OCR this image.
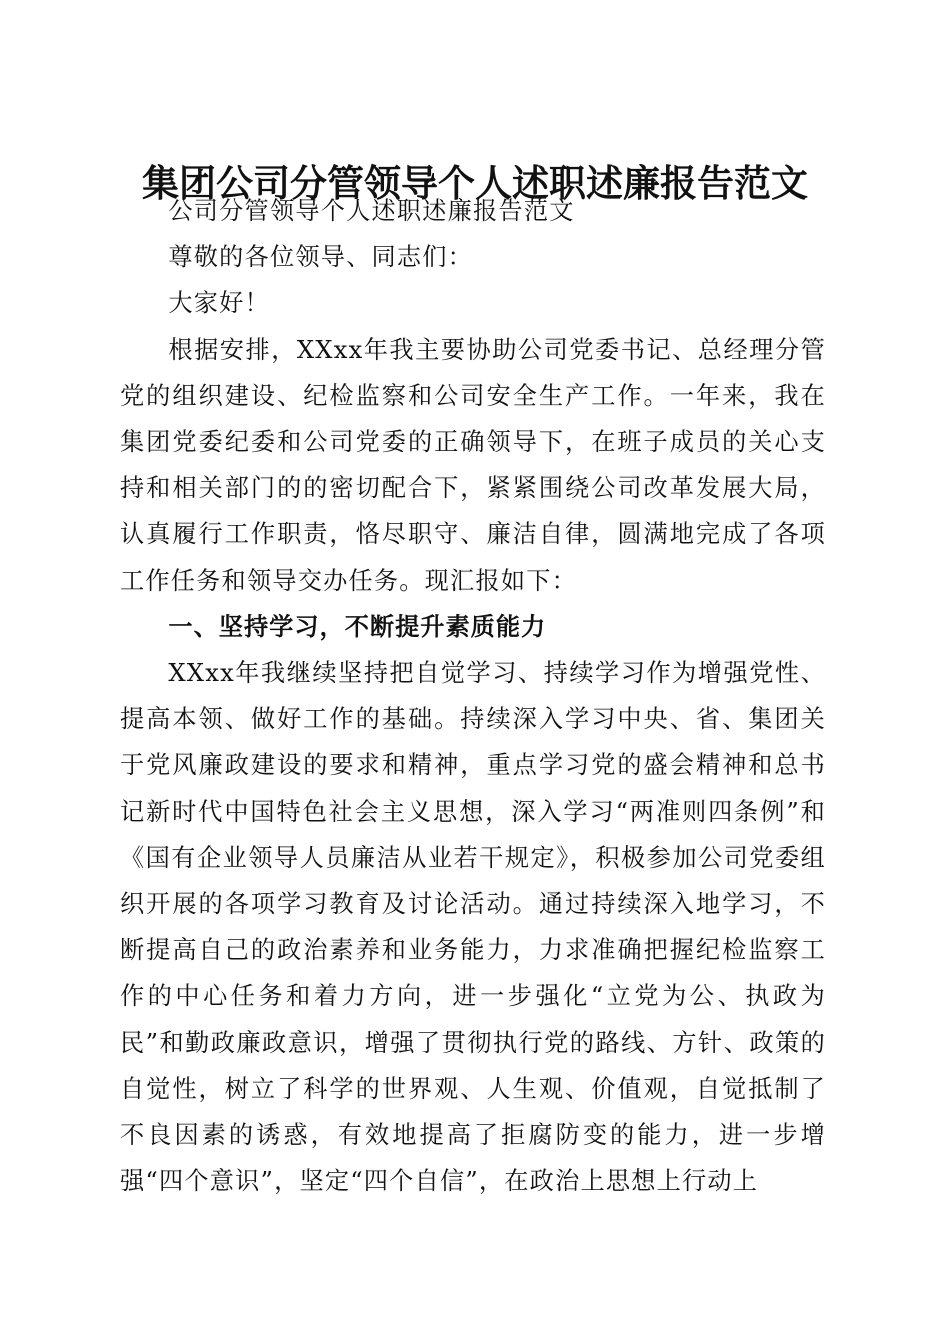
集团公司分管领导个人述职述廉报告范文

公司分管领导个人述职述廉报告范文

尊敬的各位领导、同志们：

大家好！

根据安排，XXxx年我主要协助公司党委书记、总经理分管党的组织建设、纪检监察和公司安全生产工作。一年来，我在集团党委纪委和公司党委的正确领导下，在班子成员的关心支持和相关部门的的密切配合下，紧紧围绕公司改革发展大局，认真履行工作职责，恪尽职守、廉洁自律，圆满地完成了各项工作任务和领导交办任务。现汇报如下：

一、坚持学习，不断提升素质能力

XXxx年我继续坚持把自觉学习、持续学习作为增强党性、提高本领、做好工作的基础。持续深入学习中央、省、集团关于党风廉政建设的要求和精神，重点学习党的盛会精神和总书记新时代中国特色社会主义思想，深入学习“两准则四条例”和《国有企业领导人员廉洁从业若干规定》，积极参加公司党委组织开展的各项学习教育及讨论活动。通过持续深入地学习，不断提高自己的政治素养和业务能力，力求准确把握纪检监察工作的中心任务和着力方向，进一步强化“立党为公、执政为民”和勤政廉政意识，增强了贯彻执行党的路线、方针、政策的自觉性，树立了科学的世界观、人生观、价值观，自觉抵制了不良因素的诱惑，有效地提高了拒腐防变的能力，进一步增强“四个意识”，坚定“四个自信”，在政治上思想上行动上
